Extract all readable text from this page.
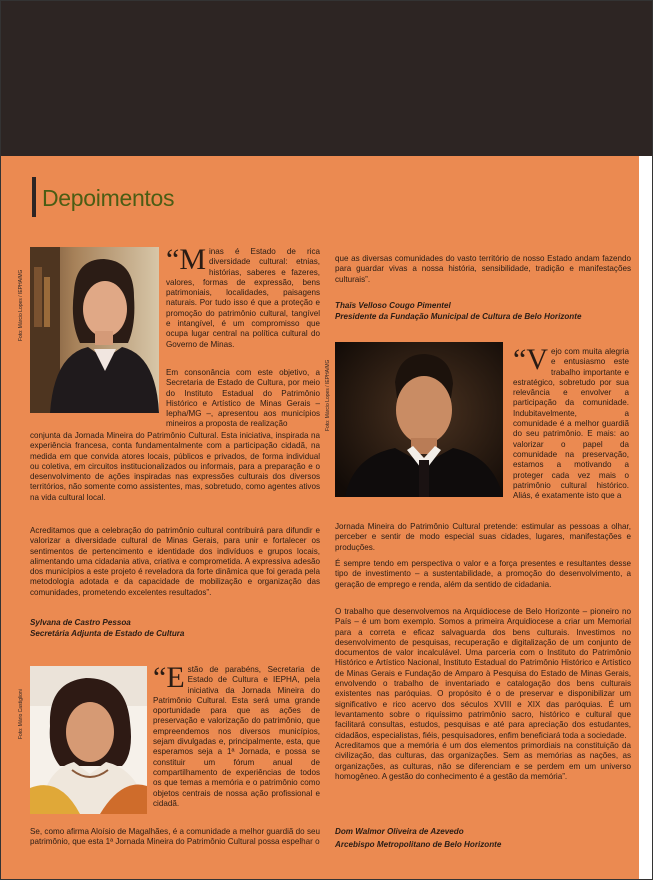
Depoimentos
Foto: Márcio Lopes / IEPHA/MG
“Minas é Estado de rica diversidade cultural: etnias, histórias, saberes e fazeres, valores, formas de expressão, bens patrimoniais, localidades, paisagens naturais. Por tudo isso é que a proteção e promoção do patrimônio cultural, tangível e intangível, é um compromisso que ocupa lugar central na política cultural do Governo de Minas.
Em consonância com este objetivo, a Secretaria de Estado de Cultura, por meio do Instituto Estadual do Patrimônio Histórico e Artístico de Minas Gerais – Iepha/MG –, apresentou aos municípios mineiros a proposta de realização
conjunta da Jornada Mineira do Patrimônio Cultural. Esta iniciativa, inspirada na experiência francesa, conta fundamentalmente com a participação cidadã, na medida em que convida atores locais, públicos e privados, de forma individual ou coletiva, em circuitos institucionalizados ou informais, para a preparação e o desenvolvimento de ações inspiradas nas expressões culturais dos diversos territórios, não somente como assistentes, mas, sobretudo, como agentes ativos na vida cultural local.
Acreditamos que a celebração do patrimônio cultural contribuirá para difundir e valorizar a diversidade cultural de Minas Gerais, para unir e fortalecer os sentimentos de pertencimento e identidade dos indivíduos e grupos locais, alimentando uma cidadania ativa, criativa e comprometida. A expressiva adesão dos municípios a este projeto é reveladora da forte dinâmica que foi gerada pela metodologia adotada e da capacidade de mobilização e organização das comunidades, prometendo excelentes resultados”.
Sylvana de Castro Pessoa
Secretária Adjunta de Estado de Cultura
Foto: Mário Castiglioni
“Estão de parabéns, Secretaria de Estado de Cultura e IEPHA, pela iniciativa da Jornada Mineira do Patrimônio Cultural. Esta será uma grande oportunidade para que as ações de preservação e valorização do patrimônio, que empreendemos nos diversos municípios, sejam divulgadas e, principalmente, esta, que esperamos seja a 1ª Jornada, e possa se constituir um fórum anual de compartilhamento de experiências de todos os que temas a memória e o patrimônio como objetos centrais de nossa ação profissional e cidadã.
Se, como afirma Aloísio de Magalhães, é a comunidade a melhor guardiã do seu patrimônio, que esta 1ª Jornada Mineira do Patrimônio Cultural possa espelhar o
que as diversas comunidades do vasto território de nosso Estado andam fazendo para guardar vivas a nossa história, sensibilidade, tradição e manifestações culturais”.
Thaïs Velloso Cougo Pimentel
Presidente da Fundação Municipal de Cultura de Belo Horizonte
Foto: Márcio Lopes / IEPHA/MG
“Vejo com muita alegria e entusiasmo este trabalho importante e estratégico, sobretudo por sua relevância e envolver a participação da comunidade. Indubitavelmente, a comunidade é a melhor guardiã do seu patrimônio. E mais: ao valorizar o papel da comunidade na preservação, estamos a motivando a proteger cada vez mais o patrimônio cultural histórico. Aliás, é exatamente isto que a
Jornada Mineira do Patrimônio Cultural pretende: estimular as pessoas a olhar, perceber e sentir de modo especial suas cidades, lugares, manifestações e produções.
É sempre tendo em perspectiva o valor e a força presentes e resultantes desse tipo de investimento – a sustentabilidade, a promoção do desenvolvimento, a geração de emprego e renda, além da sentido de cidadania.
O trabalho que desenvolvemos na Arquidiocese de Belo Horizonte – pioneiro no País – é um bom exemplo. Somos a primeira Arquidiocese a criar um Memorial para a correta e eficaz salvaguarda dos bens culturais. Investimos no desenvolvimento de pesquisas, recuperação e digitalização de um conjunto de documentos de valor incalculável. Uma parceria com o Instituto do Patrimônio Histórico e Artístico Nacional, Instituto Estadual do Patrimônio Histórico e Artístico de Minas Gerais e Fundação de Amparo à Pesquisa do Estado de Minas Gerais, envolvendo o trabalho de inventariado e catalogação dos bens culturais existentes nas paróquias. O propósito é o de preservar e disponibilizar um significativo e rico acervo dos séculos XVIII e XIX das paróquias. É um levantamento sobre o riquíssimo patrimônio sacro, histórico e cultural que facilitará consultas, estudos, pesquisas e até para apreciação dos estudantes, cidadãos, especialistas, fiéis, pesquisadores, enfim beneficiará toda a sociedade.
Acreditamos que a memória é um dos elementos primordiais na constituição da civilização, das culturas, das organizações. Sem as memórias as nações, as organizações, as culturas, não se diferenciam e se perdem em um universo homogêneo. A gestão do conhecimento é a gestão da memória”.
Dom Walmor Oliveira de Azevedo
Arcebispo Metropolitano de Belo Horizonte
